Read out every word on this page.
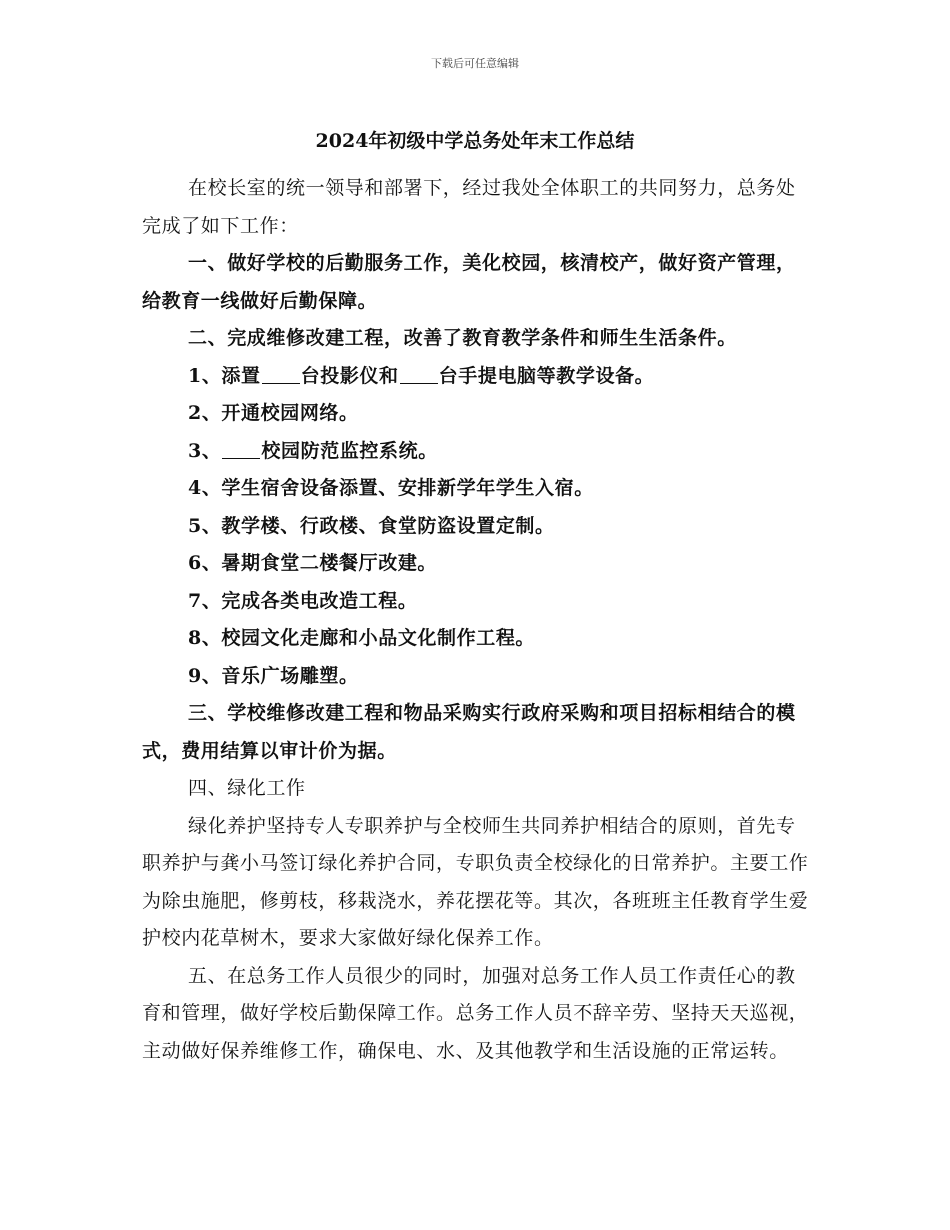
下载后可任意编辑
2024年初级中学总务处年末工作总结

在校长室的统一领导和部署下，经过我处全体职工的共同努力，总务处完成了如下工作：

一、做好学校的后勤服务工作，美化校园，核清校产，做好资产管理，给教育一线做好后勤保障。

二、完成维修改建工程，改善了教育教学条件和师生生活条件。

1、添置 台投影仪和 台手提电脑等教学设备。

2、开通校园网络。

3、 校园防范监控系统。

4、学生宿舍设备添置、安排新学年学生入宿。

5、教学楼、行政楼、食堂防盗设置定制。

6、暑期食堂二楼餐厅改建。

7、完成各类电改造工程。

8、校园文化走廊和小品文化制作工程。

9、音乐广场雕塑。

三、学校维修改建工程和物品采购实行政府采购和项目招标相结合的模式，费用结算以审计价为据。

四、绿化工作

绿化养护坚持专人专职养护与全校师生共同养护相结合的原则，首先专职养护与龚小马签订绿化养护合同，专职负责全校绿化的日常养护。主要工作为除虫施肥，修剪枝，移栽浇水，养花摆花等。其次，各班班主任教育学生爱护校内花草树木，要求大家做好绿化保养工作。

五、在总务工作人员很少的同时，加强对总务工作人员工作责任心的教育和管理，做好学校后勤保障工作。总务工作人员不辞辛劳、坚持天天巡视，主动做好保养维修工作，确保电、水、及其他教学和生活设施的正常运转。
